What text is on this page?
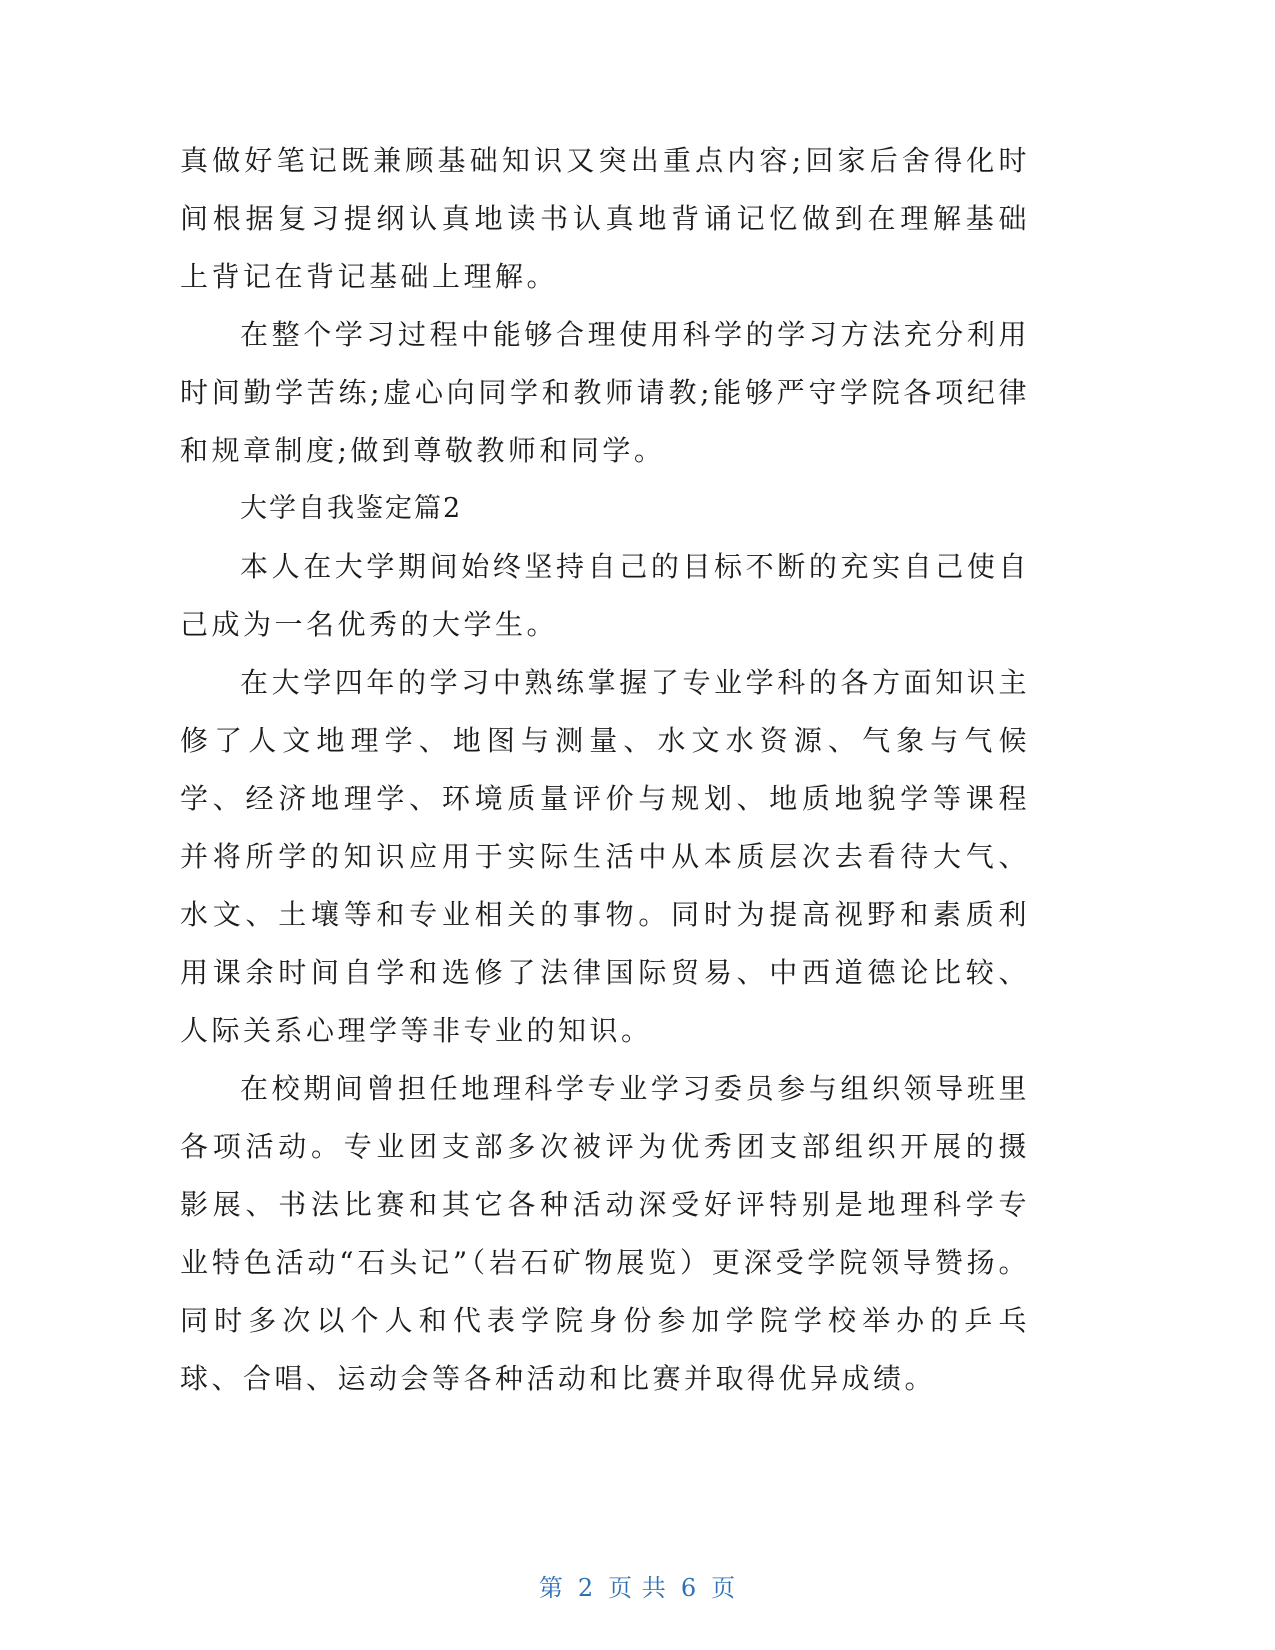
真做好笔记既兼顾基础知识又突出重点内容;回家后舍得化时间根据复习提纲认真地读书认真地背诵记忆做到在理解基础上背记在背记基础上理解。

在整个学习过程中能够合理使用科学的学习方法充分利用时间勤学苦练;虚心向同学和教师请教;能够严守学院各项纪律和规章制度;做到尊敬教师和同学。

大学自我鉴定篇2

本人在大学期间始终坚持自己的目标不断的充实自己使自己成为一名优秀的大学生。

在大学四年的学习中熟练掌握了专业学科的各方面知识主修了人文地理学、地图与测量、水文水资源、气象与气候学、经济地理学、环境质量评价与规划、地质地貌学等课程并将所学的知识应用于实际生活中从本质层次去看待大气、水文、土壤等和专业相关的事物。同时为提高视野和素质利用课余时间自学和选修了法律国际贸易、中西道德论比较、人际关系心理学等非专业的知识。

在校期间曾担任地理科学专业学习委员参与组织领导班里各项活动。专业团支部多次被评为优秀团支部组织开展的摄影展、书法比赛和其它各种活动深受好评特别是地理科学专业特色活动“石头记”（岩石矿物展览）更深受学院领导赞扬。同时多次以个人和代表学院身份参加学院学校举办的乒乓球、合唱、运动会等各种活动和比赛并取得优异成绩。

第 2 页 共 6 页
